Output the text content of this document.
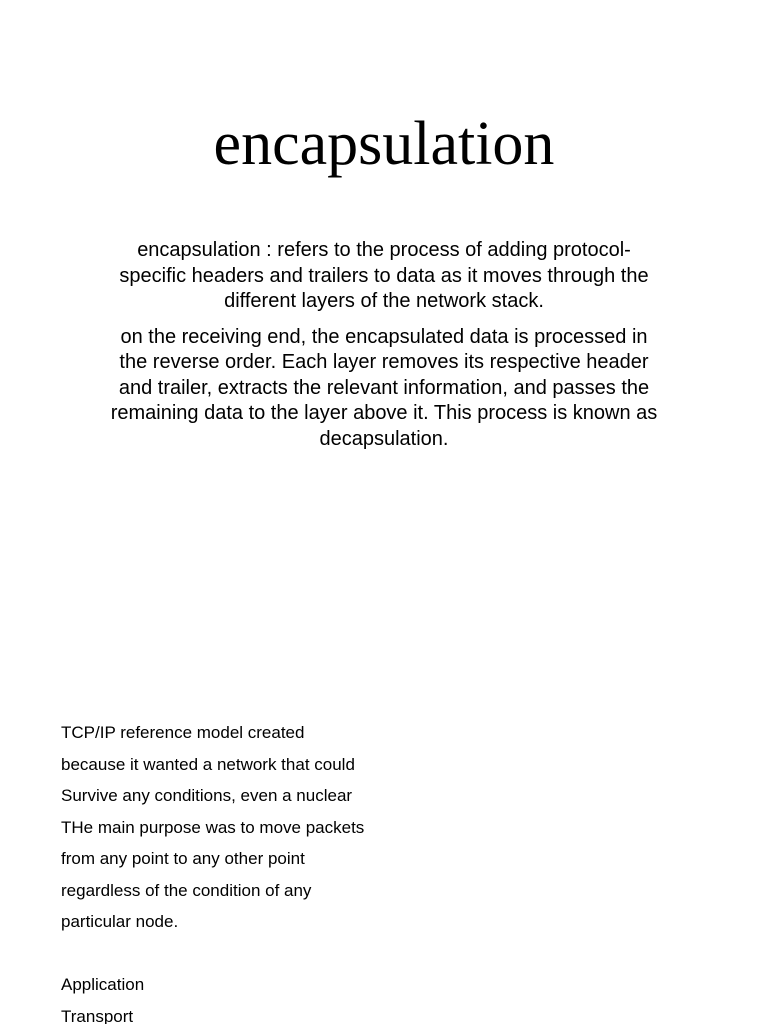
encapsulation

encapsulation : refers to the process of adding protocol-specific headers and trailers to data as it moves through the different layers of the network stack.

on the receiving end, the encapsulated data is processed in the reverse order. Each layer removes its respective header and trailer, extracts the relevant information, and passes the remaining data to the layer above it. This process is known as decapsulation.

TCP/IP reference model created
because it wanted a network that could
Survive any conditions, even a nuclear
THe main purpose was to move packets
from any point to any other point
regardless of the condition of any
particular node.
Application
Transport
